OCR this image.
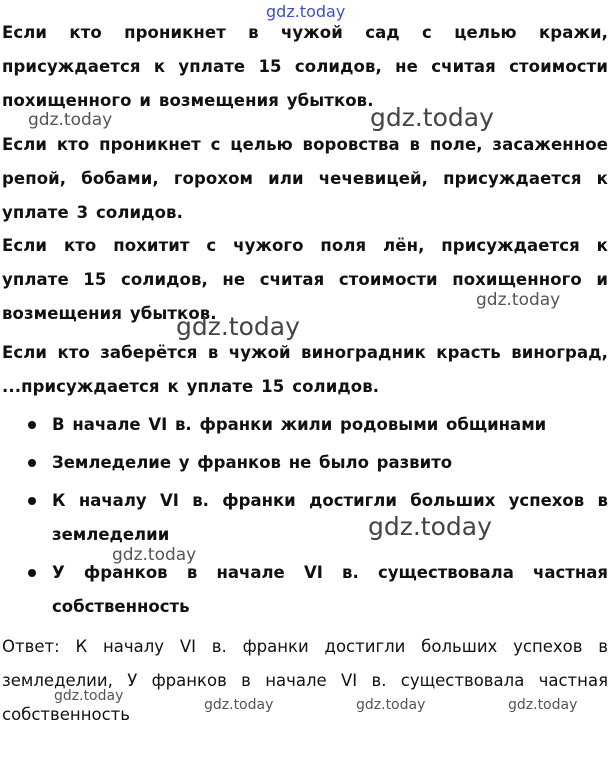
Если кто проникнет в чужой сад с целью кражи, присуждается к уплате 15 солидов, не считая стоимости похищенного и возмещения убытков.

Если кто проникнет с целью воровства в поле, засаженное репой, бобами, горохом или чечевицей, присуждается к уплате 3 солидов.

Если кто похитит с чужого поля лён, присуждается к уплате 15 солидов, не считая стоимости похищенного и возмещения убытков.

Если кто заберётся в чужой виноградник красть виноград, ...присуждается к уплате 15 солидов.

В начале VI в. франки жили родовыми общинами
Земледелие у франков не было развито
К началу VI в. франки достигли больших успехов в земледелии
У франков в начале VI в. существовала частная собственность

Ответ: К началу VI в. франки достигли больших успехов в земледелии, У франков в начале VI в. существовала частная собственность

gdz.today
gdz.today	gdz.today
gdz.today
gdz.today
gdz.today
gdz.today
gdz.today
gdz.today	gdz.today	gdz.today
